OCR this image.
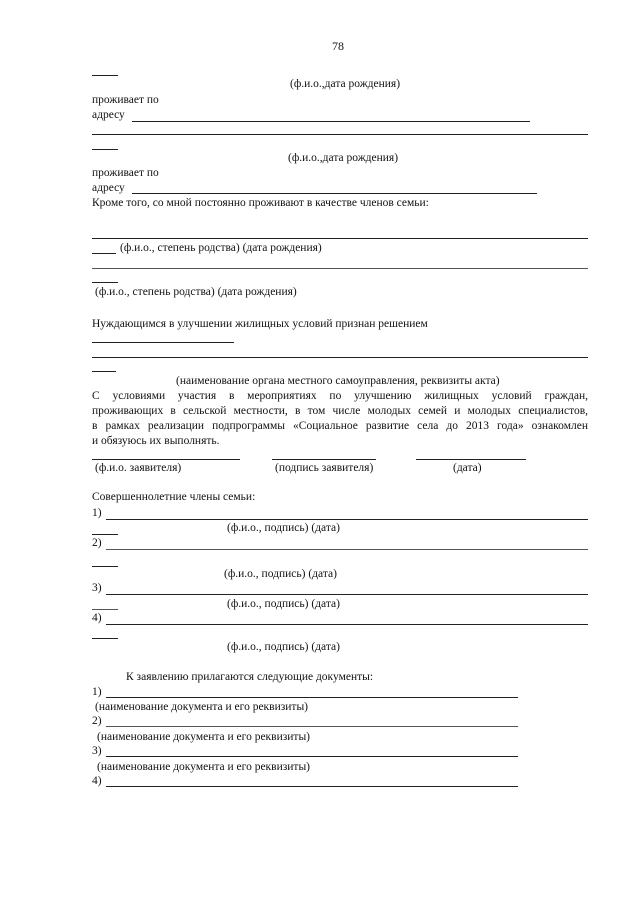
78
(ф.и.о.,дата рождения)
проживает по
адресу
(ф.и.о.,дата рождения)
проживает по
адресу
Кроме того, со мной постоянно проживают в качестве членов семьи:
(ф.и.о., степень родства) (дата рождения)
(ф.и.о., степень родства) (дата рождения)
Нуждающимся в улучшении жилищных условий признан решением
(наименование органа местного самоуправления, реквизиты акта)
С условиями участия в мероприятиях по улучшению жилищных условий граждан,
проживающих в сельской местности, в том числе молодых семей и молодых специалистов,
в рамках реализации подпрограммы «Социальное развитие села до 2013 года» ознакомлен
и обязуюсь их выполнять.
(ф.и.о. заявителя)	(подпись заявителя)	(дата)
Совершеннолетние члены семьи:
1)
(ф.и.о., подпись) (дата)
2)
(ф.и.о., подпись) (дата)
3)
(ф.и.о., подпись) (дата)
4)
(ф.и.о., подпись) (дата)
К заявлению прилагаются следующие документы:
1)
(наименование документа и его реквизиты)
2)
(наименование документа и его реквизиты)
3)
(наименование документа и его реквизиты)
4)
